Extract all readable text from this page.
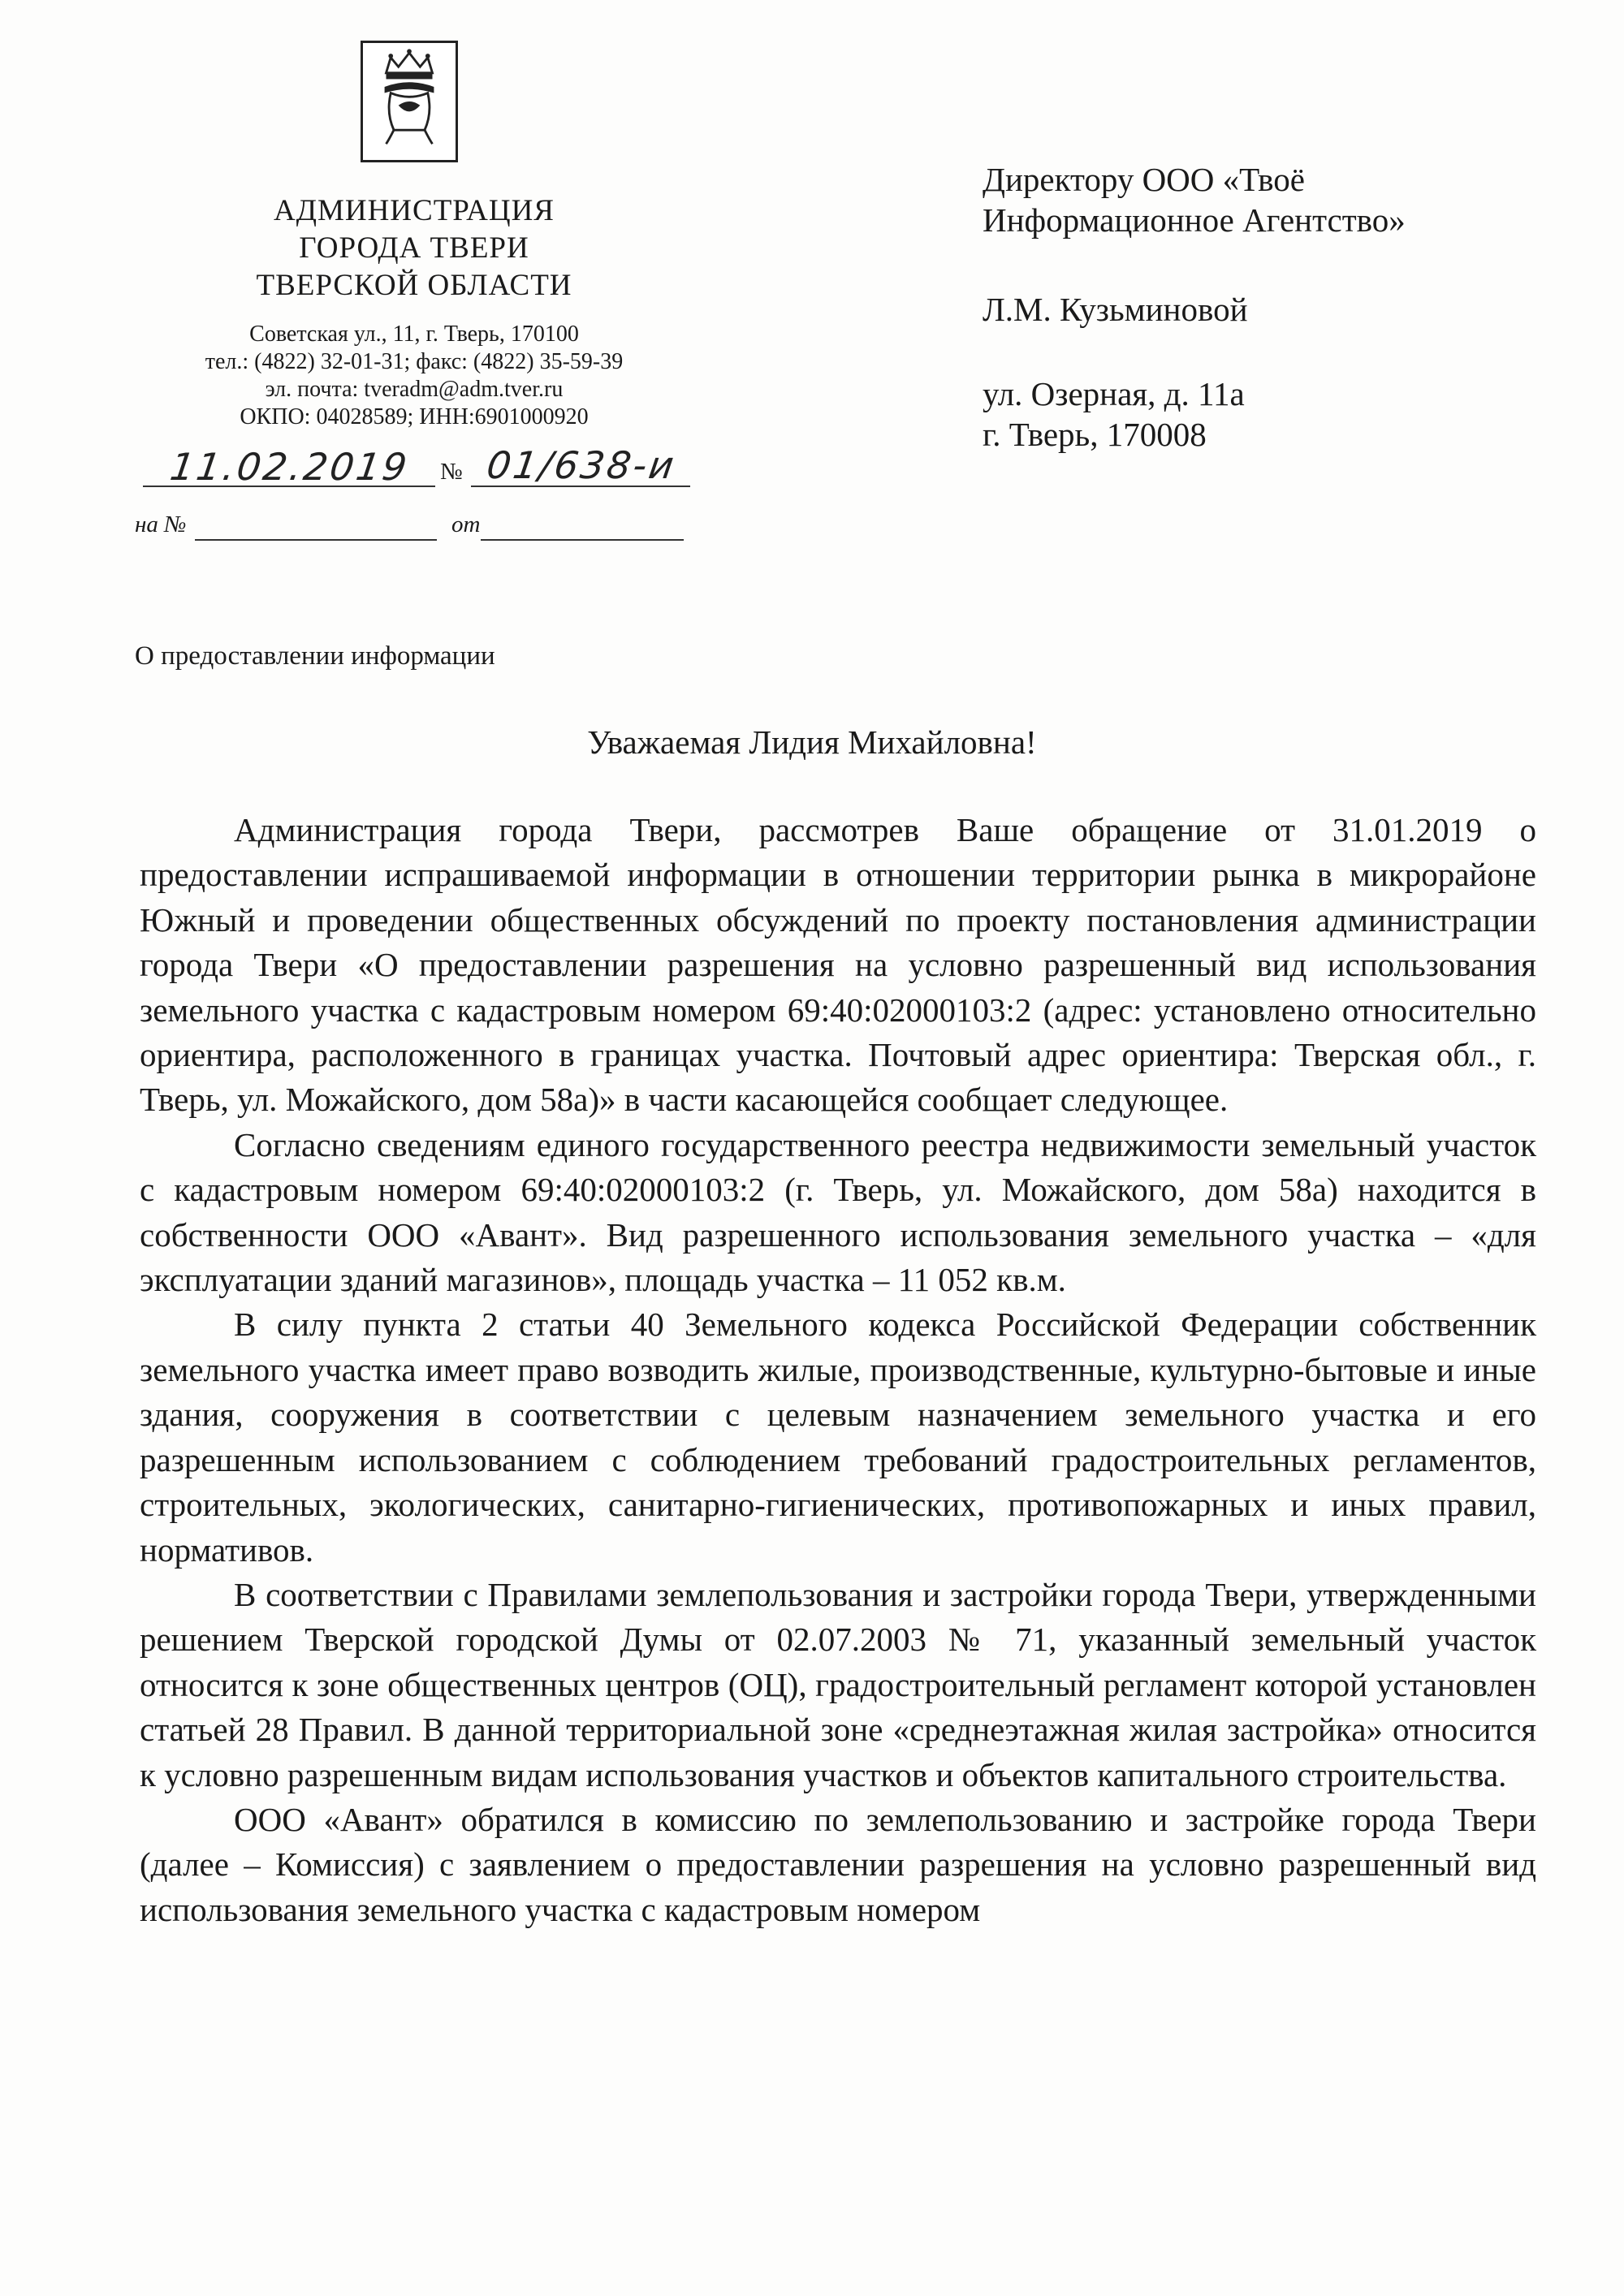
АДМИНИСТРАЦИЯ
ГОРОДА ТВЕРИ
ТВЕРСКОЙ ОБЛАСТИ
Советская ул., 11, г. Тверь, 170100
тел.: (4822) 32-01-31; факс: (4822) 35-59-39
эл. почта: tveradm@adm.tver.ru
ОКПО: 04028589; ИНН:6901000920
11.02.2019 № 01/638-и
на №	от
Директору ООО «Твоё
Информационное Агентство»
Л.М. Кузьминовой
ул. Озерная, д. 11а
г. Тверь, 170008
О предоставлении информации
Уважаемая Лидия Михайловна!

Администрация города Твери, рассмотрев Ваше обращение от 31.01.2019 о предоставлении испрашиваемой информации в отношении территории рынка в микрорайоне Южный и проведении общественных обсуждений по проекту постановления администрации города Твери «О предоставлении разрешения на условно разрешенный вид использования земельного участка с кадастровым номером 69:40:02000103:2 (адрес: установлено относительно ориентира, расположенного в границах участка. Почтовый адрес ориентира: Тверская обл., г. Тверь, ул. Можайского, дом 58а)» в части касающейся сообщает следующее.

Согласно сведениям единого государственного реестра недвижимости земельный участок с кадастровым номером 69:40:02000103:2 (г. Тверь, ул. Можайского, дом 58а) находится в собственности ООО «Авант». Вид разрешенного использования земельного участка – «для эксплуатации зданий магазинов», площадь участка – 11 052 кв.м.

В силу пункта 2 статьи 40 Земельного кодекса Российской Федерации собственник земельного участка имеет право возводить жилые, производственные, культурно-бытовые и иные здания, сооружения в соответствии с целевым назначением земельного участка и его разрешенным использованием с соблюдением требований градостроительных регламентов, строительных, экологических, санитарно-гигиенических, противопожарных и иных правил, нормативов.

В соответствии с Правилами землепользования и застройки города Твери, утвержденными решением Тверской городской Думы от 02.07.2003 № 71, указанный земельный участок относится к зоне общественных центров (ОЦ), градостроительный регламент которой установлен статьей 28 Правил. В данной территориальной зоне «среднеэтажная жилая застройка» относится к условно разрешенным видам использования участков и объектов капитального строительства.

ООО «Авант» обратился в комиссию по землепользованию и застройке города Твери (далее – Комиссия) с заявлением о предоставлении разрешения на условно разрешенный вид использования земельного участка с кадастровым номером
